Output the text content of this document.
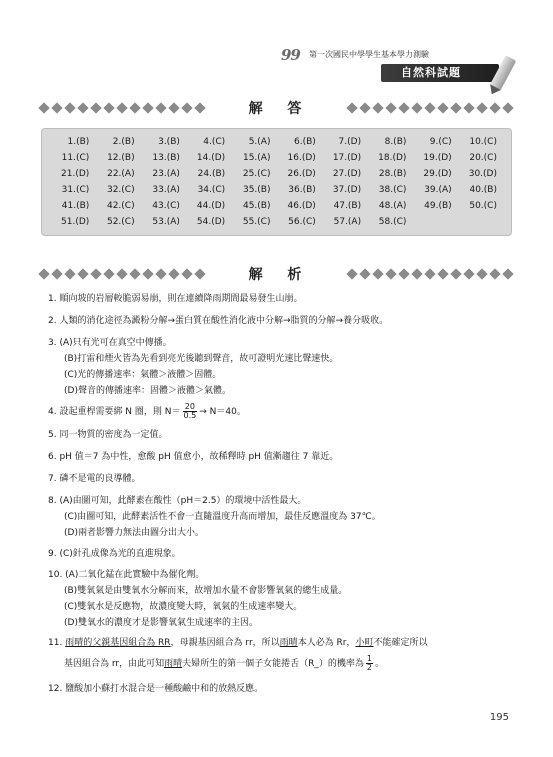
99 第一次國民中學學生基本學力測驗
自然科試題
解 答
1.(B)	2.(B)	3.(B)	4.(C)	5.(A)	6.(B)	7.(D)	8.(B)	9.(C)	10.(C)
11.(C)	12.(B)	13.(B)	14.(D)	15.(A)	16.(D)	17.(D)	18.(D)	19.(D)	20.(C)
21.(D)	22.(A)	23.(A)	24.(B)	25.(C)	26.(D)	27.(D)	28.(B)	29.(D)	30.(D)
31.(C)	32.(C)	33.(A)	34.(C)	35.(B)	36.(B)	37.(D)	38.(C)	39.(A)	40.(B)
41.(B)	42.(C)	43.(C)	44.(D)	45.(B)	46.(D)	47.(B)	48.(A)	49.(B)	50.(C)
51.(D)	52.(C)	53.(A)	54.(D)	55.(C)	56.(C)	57.(A)	58.(C)
解 析
1. 順向坡的岩層較脆弱易崩，則在連續降雨期間最易發生山崩。
2. 人類的消化途徑為澱粉分解→蛋白質在酸性消化液中分解→脂質的分解→養分吸收。
3. (A)只有光可在真空中傳播。
(B)打雷和煙火皆為先看到亮光後聽到聲音，故可證明光速比聲速快。
(C)光的傳播速率：氣體＞液體＞固體。
(D)聲音的傳播速率：固體＞液體＞氣體。
4. 設起重桿需要綁 N 圈，則 $N= \frac{20}{0.5} \to N=40$。
5. 同一物質的密度為一定值。
6. pH 值＝7 為中性，愈酸 pH 值愈小，故稀釋時 pH 值漸趨往 7 靠近。
7. 磷不是電的良導體。
8. (A)由圖可知，此酵素在酸性（pH＝2.5）的環境中活性最大。
(C)由圖可知，此酵素活性不會一直隨溫度升高而增加，最佳反應溫度為 37℃。
(D)兩者影響力無法由圖分出大小。
9. (C)針孔成像為光的直進現象。
10. (A)二氧化錳在此實驗中為催化劑。
(B)雙氧氣是由雙氧水分解而來，故增加水量不會影響氧氣的總生成量。
(C)雙氧水是反應物，故濃度變大時，氧氣的生成速率變大。
(D)雙氧水的濃度才是影響氧氣生成速率的主因。
11. 雨晴的父親基因組合為 RR，母親基因組合為 rr，所以雨晴本人必為 Rr，小町不能確定所以
基因組合為 rr，由此可知雨晴夫婦所生的第一個子女能捲舌（R_）的機率為 $\frac{1}{2}$ 。
12. 鹽酸加小蘇打水混合是一種酸鹼中和的放熱反應。
195
